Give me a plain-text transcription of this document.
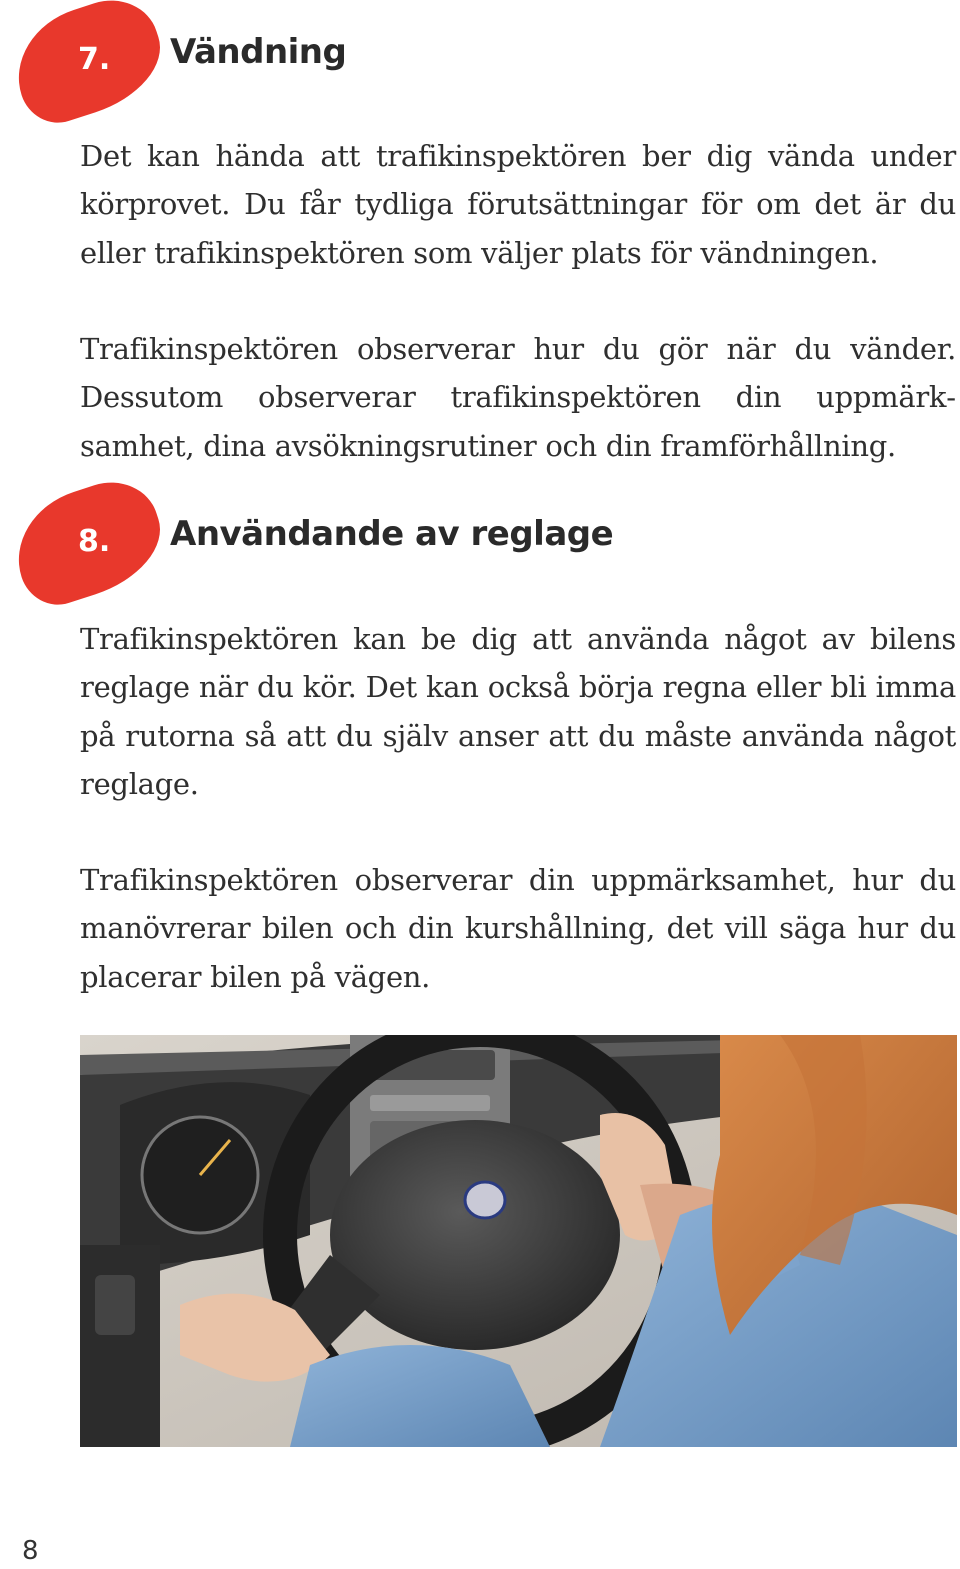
7. Vändning

Det kan hända att trafikinspektören ber dig vända under körprovet. Du får tydliga förutsättningar för om det är du eller trafikinspektören som väljer plats för vändningen.

Trafikinspektören observerar hur du gör när du vänder. Dessutom observerar trafikinspektören din uppmärksamhet, dina avsökningsrutiner och din framförhållning.

8. Användande av reglage

Trafikinspektören kan be dig att använda något av bilens reglage när du kör. Det kan också börja regna eller bli imma på rutorna så att du själv anser att du måste använda något reglage.

Trafikinspektören observerar din uppmärksamhet, hur du manövrerar bilen och din kurshållning, det vill säga hur du placerar bilen på vägen.

8
